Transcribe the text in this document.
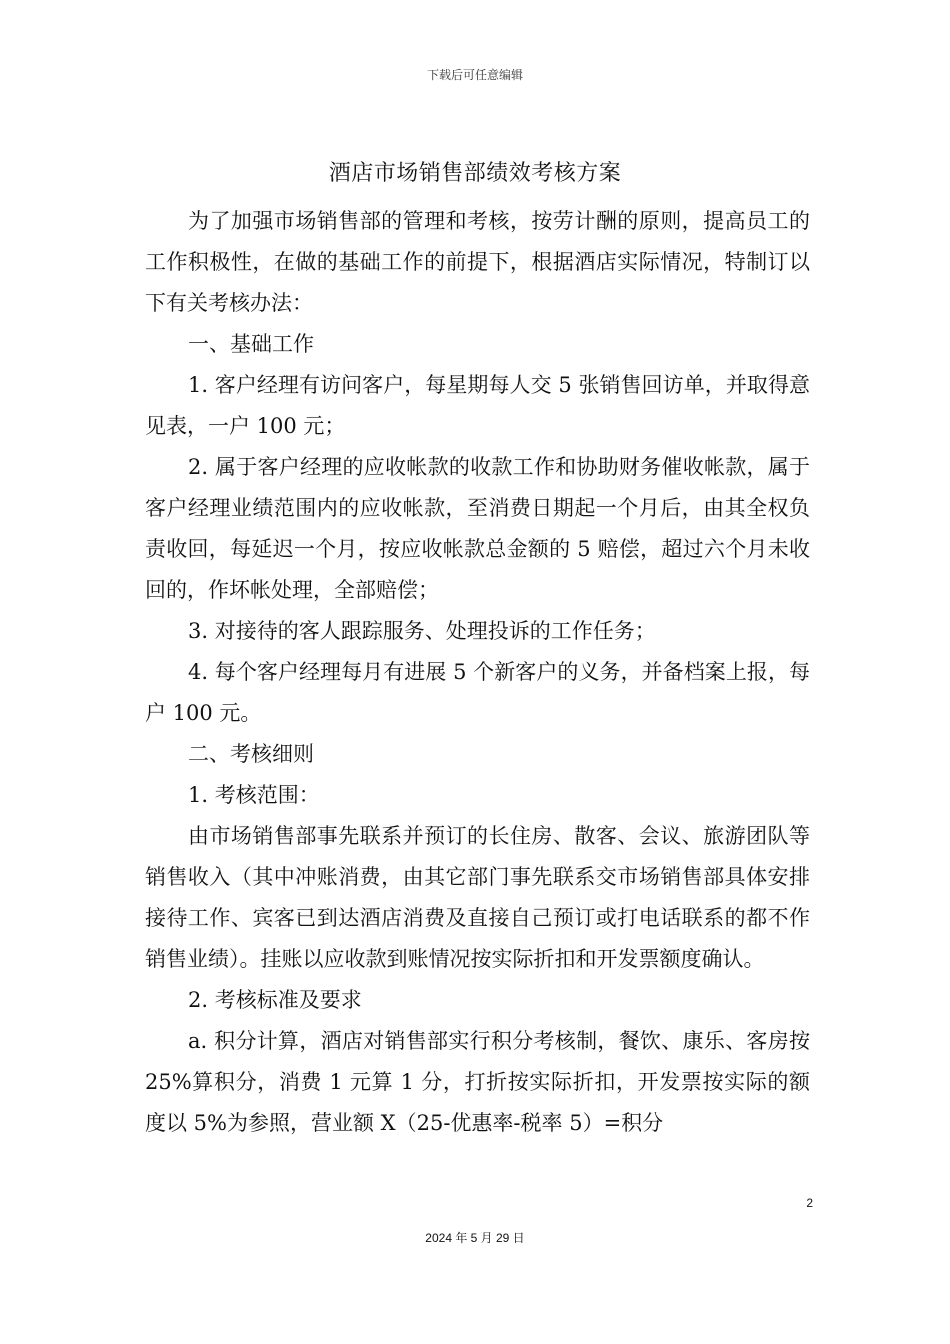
下载后可任意编辑
酒店市场销售部绩效考核方案

为了加强市场销售部的管理和考核，按劳计酬的原则，提高员工的工作积极性，在做的基础工作的前提下，根据酒店实际情况，特制订以下有关考核办法：

一、基础工作

1. 客户经理有访问客户，每星期每人交 5 张销售回访单，并取得意见表，一户 100 元；

2. 属于客户经理的应收帐款的收款工作和协助财务催收帐款，属于客户经理业绩范围内的应收帐款，至消费日期起一个月后，由其全权负责收回，每延迟一个月，按应收帐款总金额的 5 赔偿，超过六个月未收回的，作坏帐处理，全部赔偿；

3. 对接待的客人跟踪服务、处理投诉的工作任务；

4. 每个客户经理每月有进展 5 个新客户的义务，并备档案上报，每户 100 元。

二、考核细则

1. 考核范围：

由市场销售部事先联系并预订的长住房、散客、会议、旅游团队等销售收入（其中冲账消费，由其它部门事先联系交市场销售部具体安排接待工作、宾客已到达酒店消费及直接自己预订或打电话联系的都不作销售业绩）。挂账以应收款到账情况按实际折扣和开发票额度确认。

2. 考核标准及要求

a. 积分计算，酒店对销售部实行积分考核制，餐饮、康乐、客房按 25%算积分，消费 1 元算 1 分，打折按实际折扣，开发票按实际的额度以 5%为参照，营业额 X（25-优惠率-税率 5）=积分

2
2024 年 5 月 29 日
